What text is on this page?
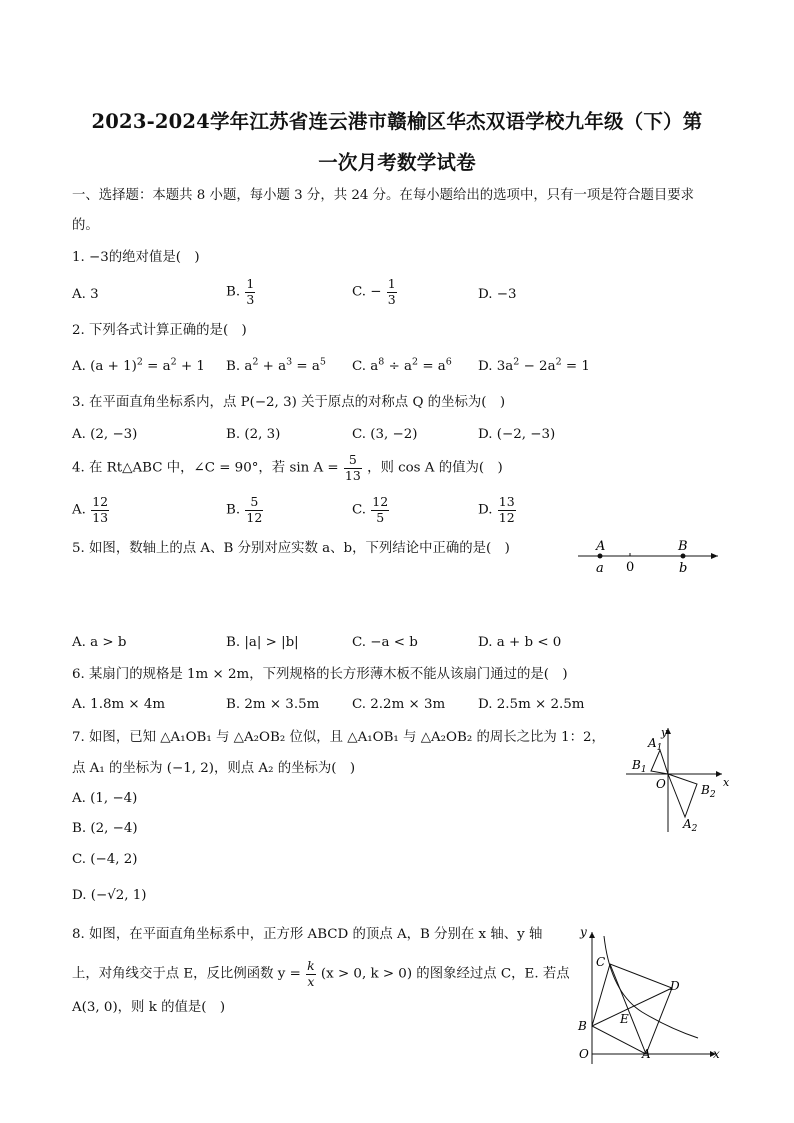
2023-2024学年江苏省连云港市赣榆区华杰双语学校九年级（下）第
一次月考数学试卷
一、选择题：本题共 8 小题，每小题 3 分，共 24 分。在每小题给出的选项中，只有一项是符合题目要求
的。
1. −3的绝对值是(　)
A. 3	B. $\frac{1}{3}$	C. − $\frac{1}{3}$	D. −3
2. 下列各式计算正确的是(　)
A. $(a + 1)^2 = a^2 + 1$ B. $a^2 + a^3 = a^5$ C. $a^8 \div a^2 = a^6$ D. $3a^2 - 2a^2 = 1$
3. 在平面直角坐标系内，点 P(−2, 3) 关于原点的对称点 Q 的坐标为(　)
A. (2, −3)	B. (2, 3)	C. (3, −2)	D. (−2, −3)
4. 在 Rt△ABC 中，∠C = 90°，若 $\sin A = \frac{5}{13}$ ，则 cos A 的值为(　)
A. $\frac{12}{13}$	B. $\frac{5}{12}$	C. $\frac{12}{5}$	D. $\frac{13}{12}$
5. 如图，数轴上的点 A、B 分别对应实数 a、b，下列结论中正确的是(　)	A	B
a 0	b
A. a > b	B. |a| > |b|	C. −a < b	D. a + b < 0
6. 某扇门的规格是 1m × 2m，下列规格的长方形薄木板不能从该扇门通过的是(　)
A. 1.8m × 4m	B. 2m × 3.5m C. 2.2m × 3m D. 2.5m × 2.5m
7. 如图，已知 △A₁OB₁ 与 △A₂OB₂ 位似，且 △A₁OB₁ 与 △A₂OB₂ 的周长之比为 1：2，
点 A₁ 的坐标为 (−1, 2)，则点 A₂ 的坐标为(　)
A. (1, −4)
B. (2, −4)
C. (−4, 2)
D. (−√2, 1)
x
y
O
$A_1$
$B_1$
$B_2$
$A_2$
8. 如图，在平面直角坐标系中，正方形 ABCD 的顶点 A，B 分别在 x 轴、y 轴
上，对角线交于点 E，反比例函数 $y = \frac{k}{x} (x > 0$, k > 0) 的图象经过点 C，E. 若点
A(3, 0)，则 k 的值是(　)
x
y
O	A
B
C
D
E
